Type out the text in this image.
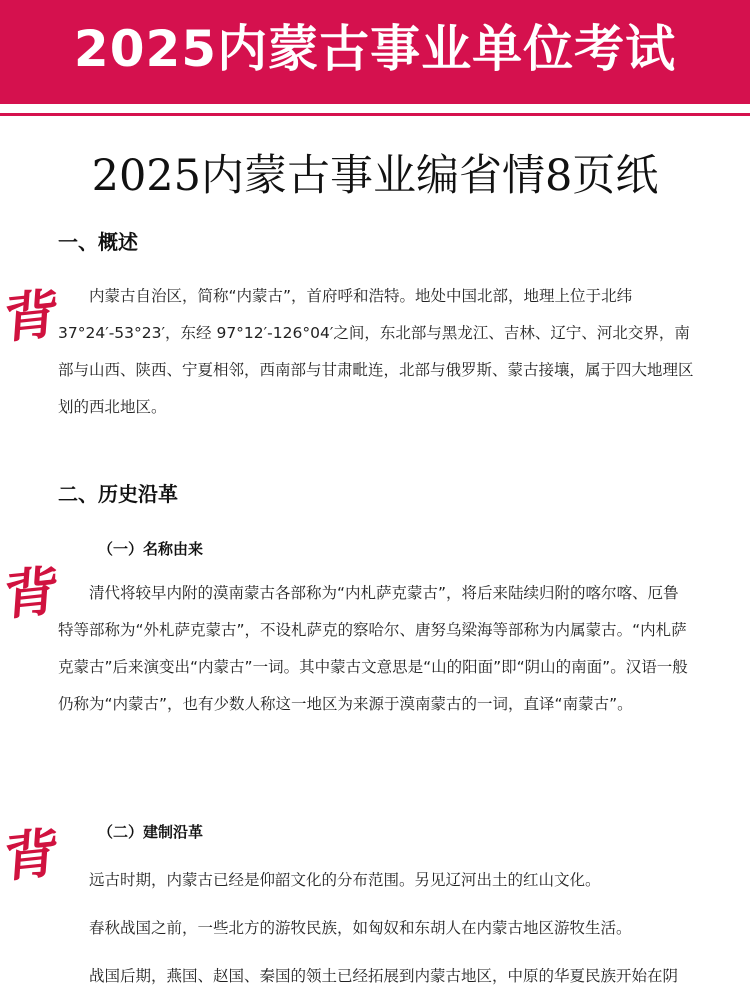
2025内蒙古事业单位考试
2025内蒙古事业编省情8页纸
一、概述
背	内蒙古自治区，简称“内蒙古”，首府呼和浩特。地处中国北部，地理上位于北纬37°24′-53°23′，东经 97°12′-126°04′之间，东北部与黑龙江、吉林、辽宁、河北交界，南部与山西、陕西、宁夏相邻，西南部与甘肃毗连，北部与俄罗斯、蒙古接壤，属于四大地理区划的西北地区。

二、历史沿革
（一）名称由来
背	清代将较早内附的漠南蒙古各部称为“内札萨克蒙古”，将后来陆续归附的喀尔喀、厄鲁特等部称为“外札萨克蒙古”，不设札萨克的察哈尔、唐努乌梁海等部称为内属蒙古。“内札萨克蒙古”后来演变出“内蒙古”一词。其中蒙古文意思是“山的阳面”即“阴山的南面”。汉语一般仍称为“内蒙古”，也有少数人称这一地区为来源于漠南蒙古的一词，直译“南蒙古”。

（二）建制沿革
背 远古时期，内蒙古已经是仰韶文化的分布范围。另见辽河出土的红山文化。

春秋战国之前，一些北方的游牧民族，如匈奴和东胡人在内蒙古地区游牧生活。

战国后期，燕国、赵国、秦国的领土已经拓展到内蒙古地区，中原的华夏民族开始在阴
